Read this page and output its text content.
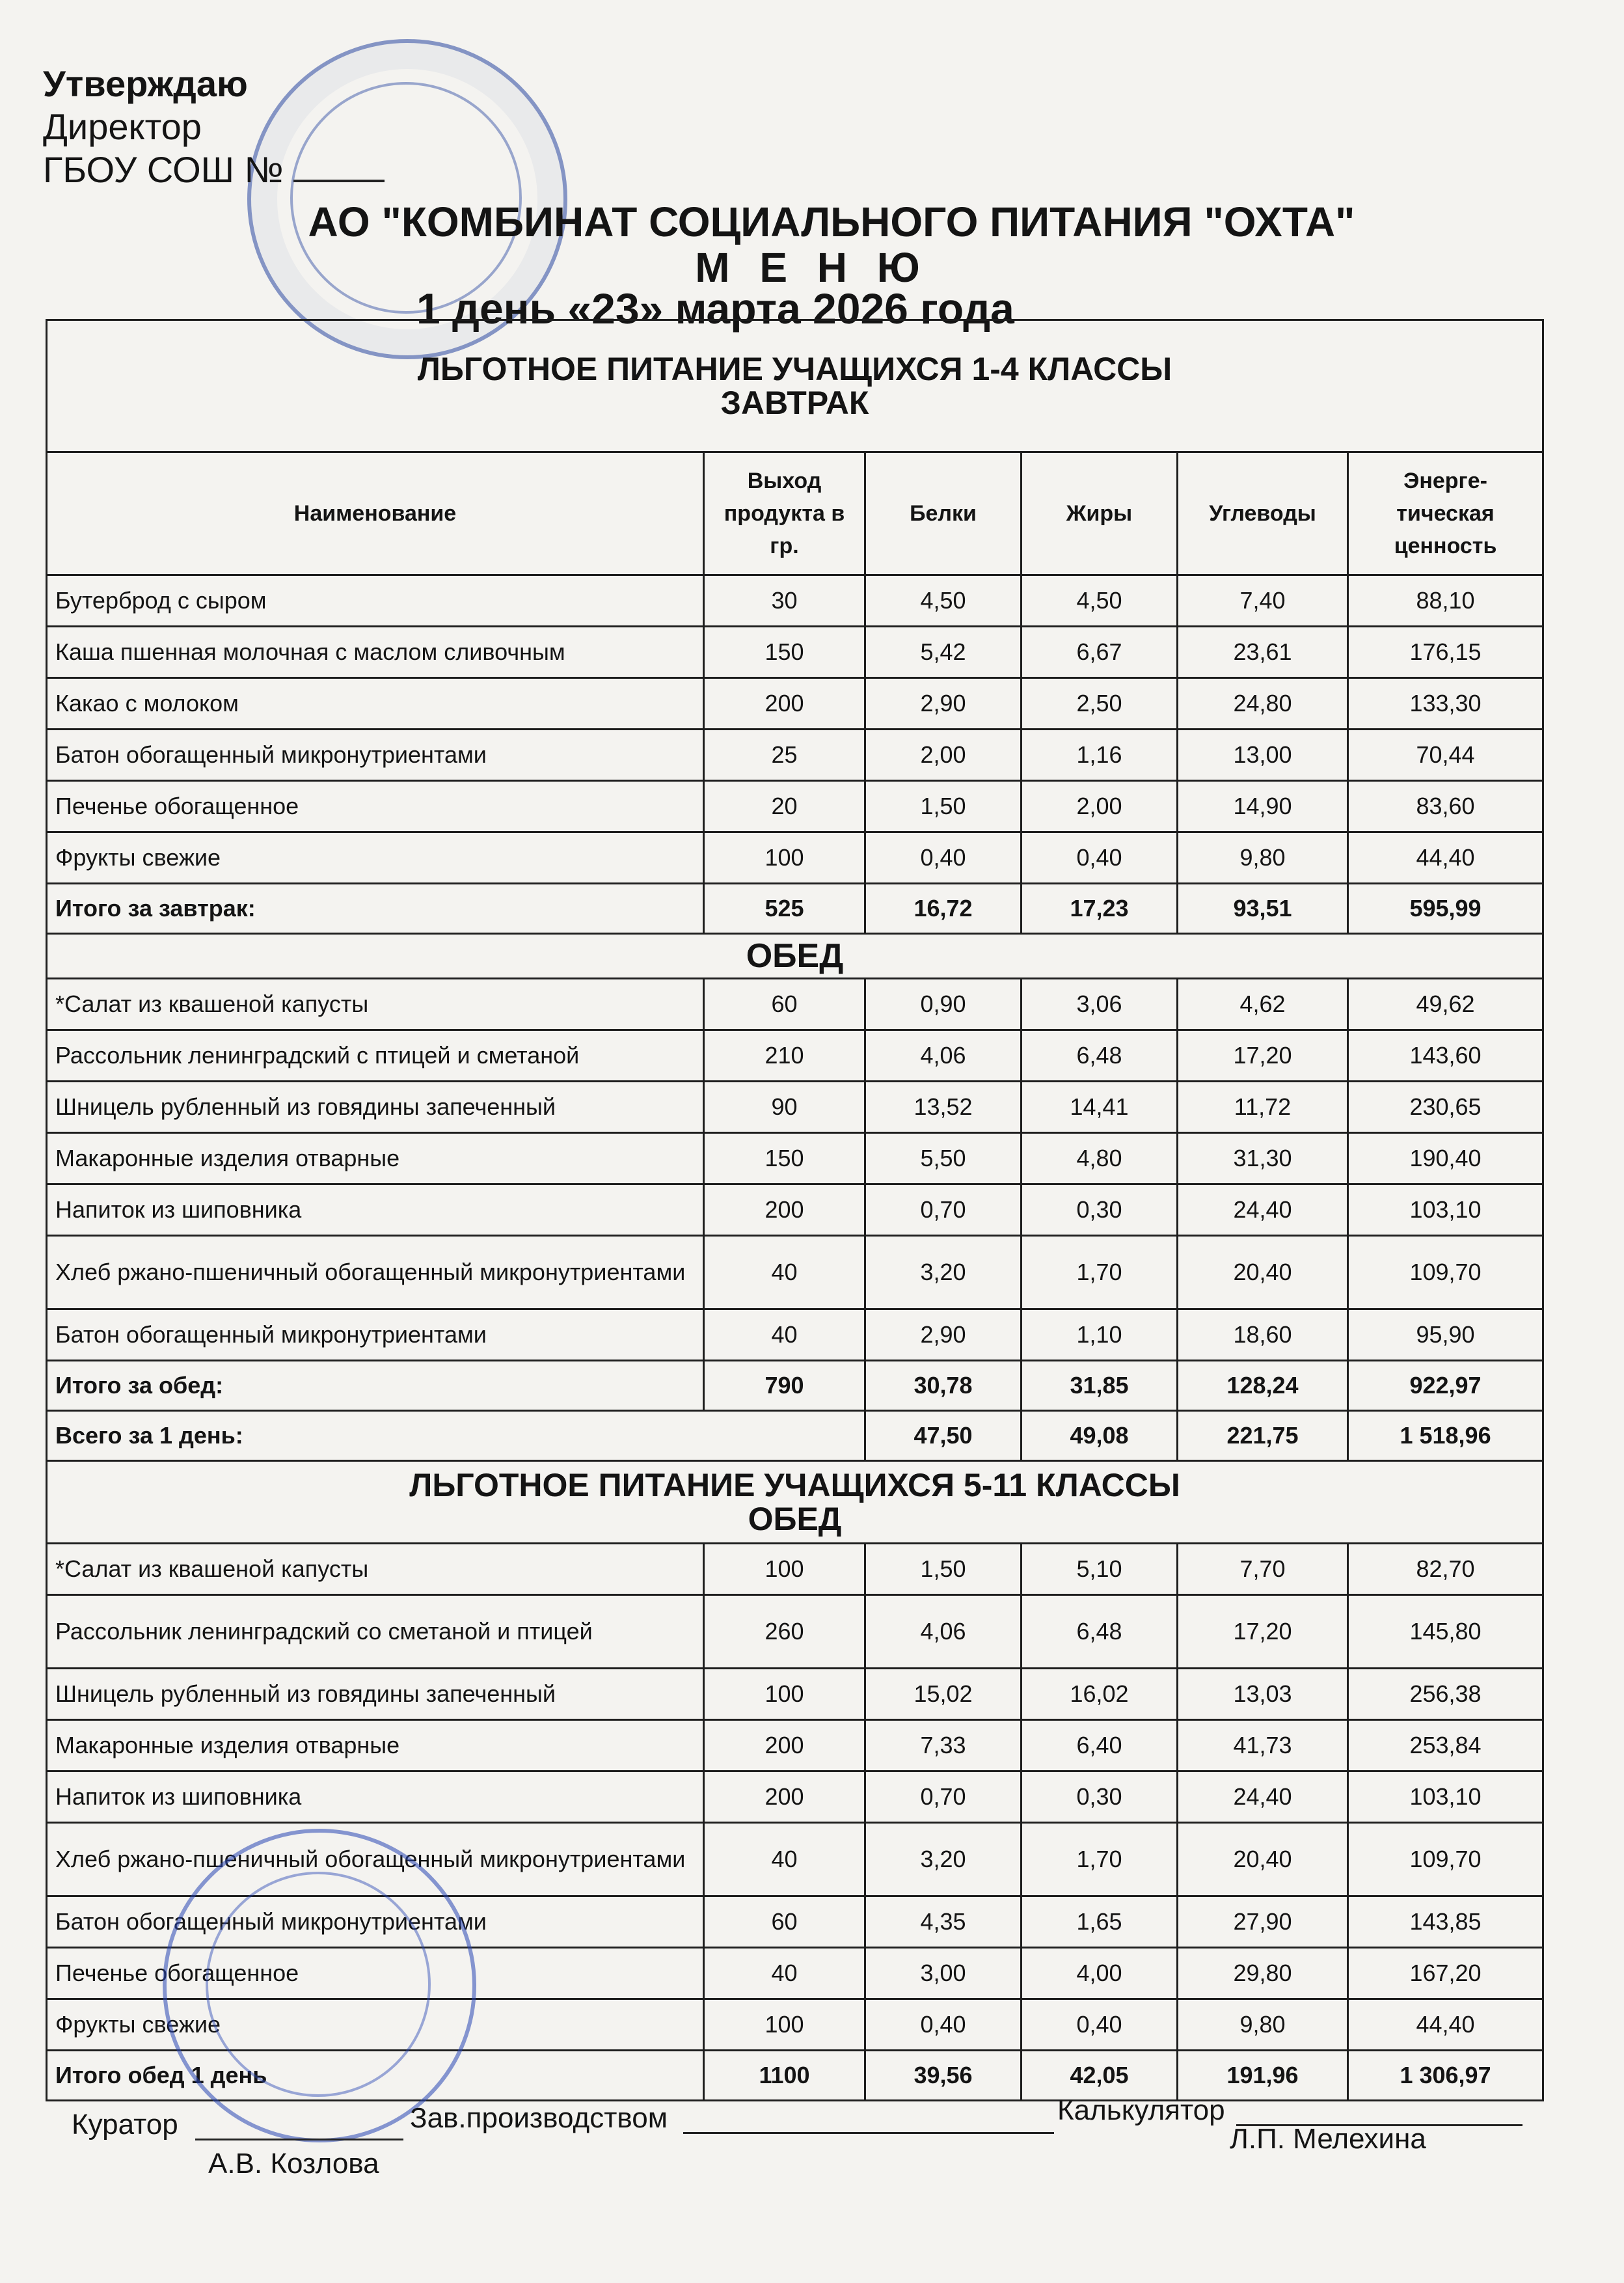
Утверждаю
Директор
ГБОУ СОШ №
АО "КОМБИНАТ СОЦИАЛЬНОГО ПИТАНИЯ "ОХТА"
М Е Н Ю
1 день «23» марта 2026 года
ЛЬГОТНОЕ ПИТАНИЕ УЧАЩИХСЯ 1-4 КЛАССЫ
ЗАВТРАК					

Наименование	Выход продукта в гр.	Белки	Жиры	Углеводы	Энерге-тическая ценность
Бутерброд с сыром	30	4,50	4,50	7,40	88,10
Каша пшенная молочная с маслом сливочным	150	5,42	6,67	23,61	176,15
Какао с молоком	200	2,90	2,50	24,80	133,30
Батон обогащенный микронутриентами	25	2,00	1,16	13,00	70,44
Печенье обогащенное	20	1,50	2,00	14,90	83,60
Фрукты свежие	100	0,40	0,40	9,80	44,40
Итого за завтрак:	525	16,72	17,23	93,51	595,99
ОБЕД					
*Салат из квашеной капусты	60	0,90	3,06	4,62	49,62
Рассольник ленинградский с птицей и сметаной	210	4,06	6,48	17,20	143,60
Шницель рубленный из говядины запеченный	90	13,52	14,41	11,72	230,65
Макаронные изделия отварные	150	5,50	4,80	31,30	190,40
Напиток из шиповника	200	0,70	0,30	24,40	103,10
Хлеб ржано-пшеничный обогащенный микронутриентами	40	3,20	1,70	20,40	109,70
Батон обогащенный микронутриентами	40	2,90	1,10	18,60	95,90
Итого за обед:	790	30,78	31,85	128,24	922,97
Всего за 1 день:		47,50	49,08	221,75	1 518,96

ЛЬГОТНОЕ ПИТАНИЕ УЧАЩИХСЯ 5-11 КЛАССЫ
ОБЕД					

*Салат из квашеной капусты	100	1,50	5,10	7,70	82,70
Рассольник ленинградский со сметаной и птицей	260	4,06	6,48	17,20	145,80
Шницель рубленный из говядины запеченный	100	15,02	16,02	13,03	256,38
Макаронные изделия отварные	200	7,33	6,40	41,73	253,84
Напиток из шиповника	200	0,70	0,30	24,40	103,10
Хлеб ржано-пшеничный обогащенный микронутриентами	40	3,20	1,70	20,40	109,70
Батон обогащенный микронутриентами	60	4,35	1,65	27,90	143,85
Печенье обогащенное	40	3,00	4,00	29,80	167,20
Фрукты свежие	100	0,40	0,40	9,80	44,40
Итого обед 1 день	1100	39,56	42,05	191,96	1 306,97
Куратор
А.В. Козлова
Зав.производством	Калькулятор
Л.П. Мелехина
